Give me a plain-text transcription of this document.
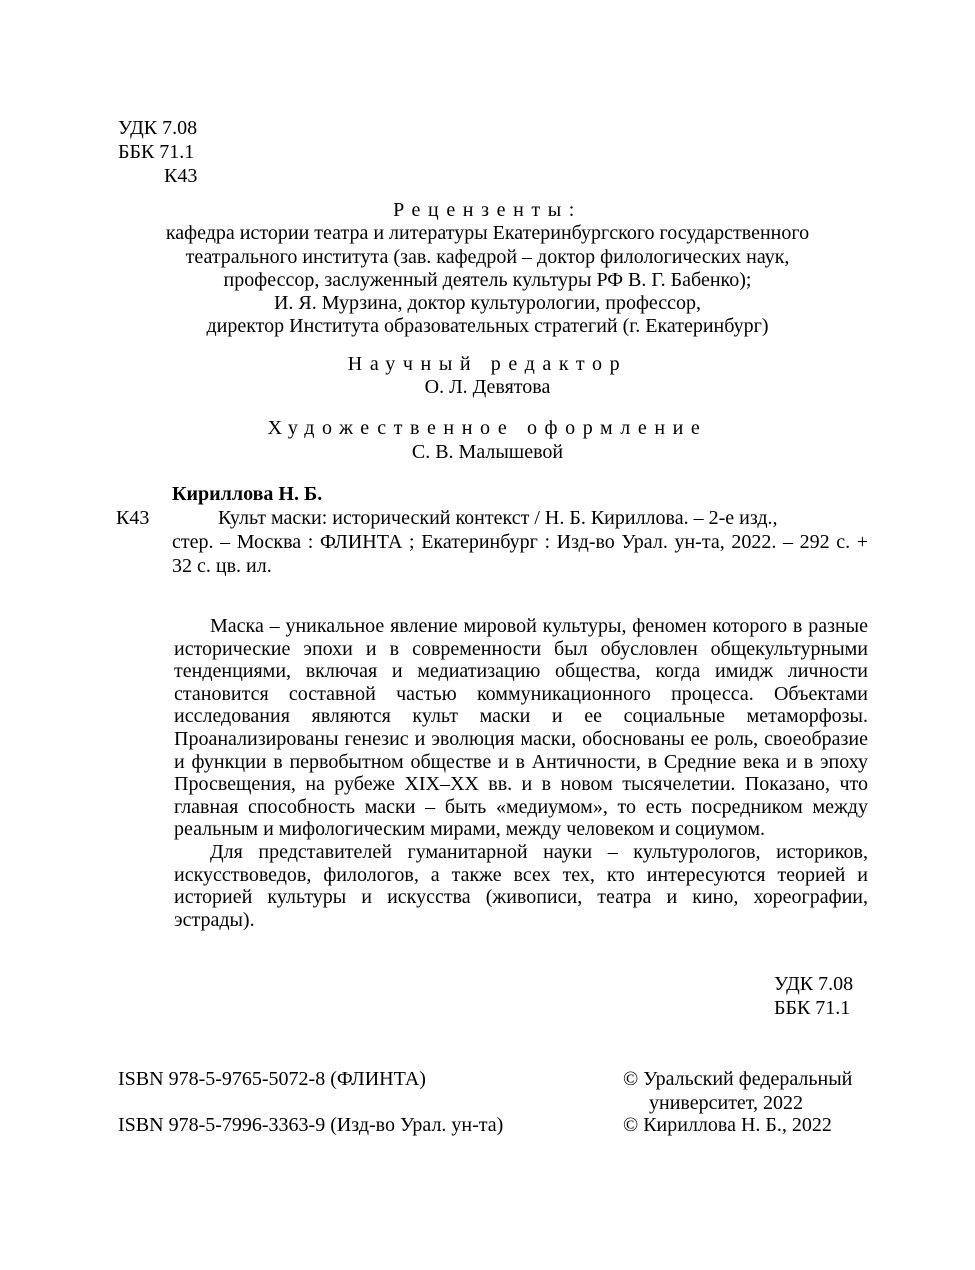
УДК 7.08
ББК 71.1
К43
Рецензенты:
кафедра истории театра и литературы Екатеринбургского государственного
театрального института (зав. кафедрой – доктор филологических наук,
профессор, заслуженный деятель культуры РФ В. Г. Бабенко);
И. Я. Мурзина, доктор культурологии, профессор,
директор Института образовательных стратегий (г. Екатеринбург)
Научный редактор
О. Л. Девятова
Художественное оформление
С. В. Малышевой
Кириллова Н. Б.
К43	Культ маски: исторический контекст / Н. Б. Кириллова. – 2-е изд.,
стер. – Москва : ФЛИНТА ; Екатеринбург : Изд-во Урал. ун-та, 2022. – 292 с. + 32 с. цв. ил.

Маска – уникальное явление мировой культуры, феномен которого в разные исторические эпохи и в современности был обусловлен общекультурными тенденциями, включая и медиатизацию общества, когда имидж личности становится составной частью коммуникационного процесса. Объектами исследования являются культ маски и ее социальные метаморфозы. Проанализированы генезис и эволюция маски, обоснованы ее роль, своеобразие и функции в первобытном обществе и в Античности, в Средние века и в эпоху Просвещения, на рубеже XIX–XX вв. и в новом тысячелетии. Показано, что главная способность маски – быть «медиумом», то есть посредником между реальным и мифологическим мирами, между человеком и социумом.

Для представителей гуманитарной науки – культурологов, историков, искусствоведов, филологов, а также всех тех, кто интересуются теорией и историей культуры и искусства (живописи, театра и кино, хореографии, эстрады).

УДК 7.08
ББК 71.1
ISBN 978-5-9765-5072-8 (ФЛИНТА)
ISBN 978-5-7996-3363-9 (Изд-во Урал. ун-та)
© Уральский федеральный
университет, 2022
© Кириллова Н. Б., 2022
